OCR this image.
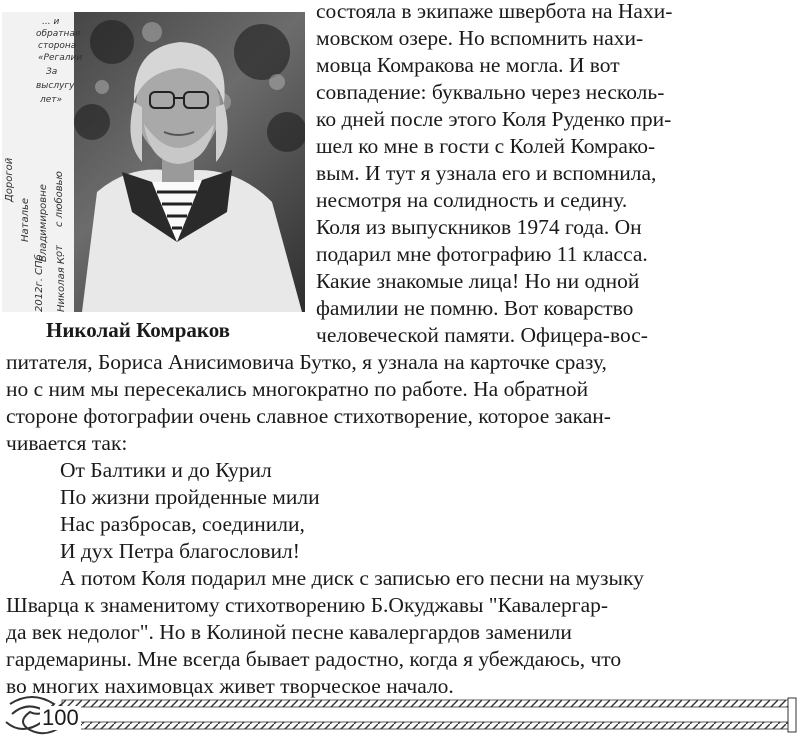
... и
обратная
сторона
«Регалии
За
выслугу
лет»
Дорогой
Наталье Владимировне с любовью
от
Николая К.
2012г. СПб
Николай Комраков
состояла в экипаже швербота на Нахи-
мовском озере. Но вспомнить нахи-
мовца Комракова не могла. И вот
совпадение: буквально через несколь-
ко дней после этого Коля Руденко при-
шел ко мне в гости с Колей Комрако-
вым. И тут я узнала его и вспомнила,
несмотря на солидность и седину.
Коля из выпускников 1974 года. Он
подарил мне фотографию 11 класса.
Какие знакомые лица! Но ни одной
фамилии не помню. Вот коварство
человеческой памяти. Офицера-вос-
питателя, Бориса Анисимовича Бутко, я узнала на карточке сразу,
но с ним мы пересекались многократно по работе. На обратной
стороне фотографии очень славное стихотворение, которое закан-
чивается так:
От Балтики и до Курил
По жизни пройденные мили
Нас разбросав, соединили,
И дух Петра благословил!
А потом Коля подарил мне диск с записью его песни на музыку
Шварца к знаменитому стихотворению Б.Окуджавы "Кавалергар-
да век недолог". Но в Колиной песне кавалергардов заменили
гардемарины. Мне всегда бывает радостно, когда я убеждаюсь, что
во многих нахимовцах живет творческое начало.
100
